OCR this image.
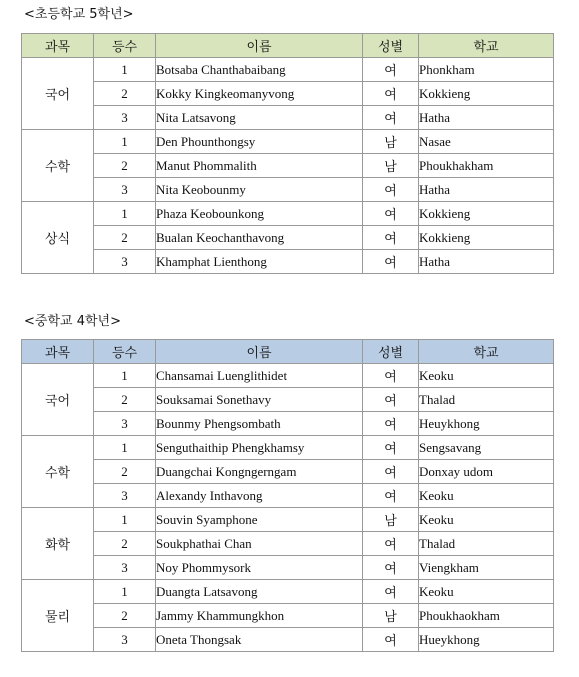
<초등학교 5학년>
과목	등수	이름	성별	학교
국어	1	Botsaba Chanthabaibang	여	Phonkham
	2	Kokky Kingkeomanyvong	여	Kokkieng
	3	Nita Latsavong	여	Hatha
수학	1	Den Phounthongsy	남	Nasae
	2	Manut Phommalith	남	Phoukhakham
	3	Nita Keobounmy	여	Hatha
상식	1	Phaza Keobounkong	여	Kokkieng
	2	Bualan Keochanthavong	여	Kokkieng
	3	Khamphat Lienthong	여	Hatha
<중학교 4학년>
과목	등수	이름	성별	학교
국어	1	Chansamai Luenglithidet	여	Keoku
	2	Souksamai Sonethavy	여	Thalad
	3	Bounmy Phengsombath	여	Heuykhong
수학	1	Senguthaithip Phengkhamsy	여	Sengsavang
	2	Duangchai Kongngerngam	여	Donxay udom
	3	Alexandy Inthavong	여	Keoku
화학	1	Souvin Syamphone	남	Keoku
	2	Soukphathai Chan	여	Thalad
	3	Noy Phommysork	여	Viengkham
물리	1	Duangta Latsavong	여	Keoku
	2	Jammy Khammungkhon	남	Phoukhaokham
	3	Oneta Thongsak	여	Hueykhong
